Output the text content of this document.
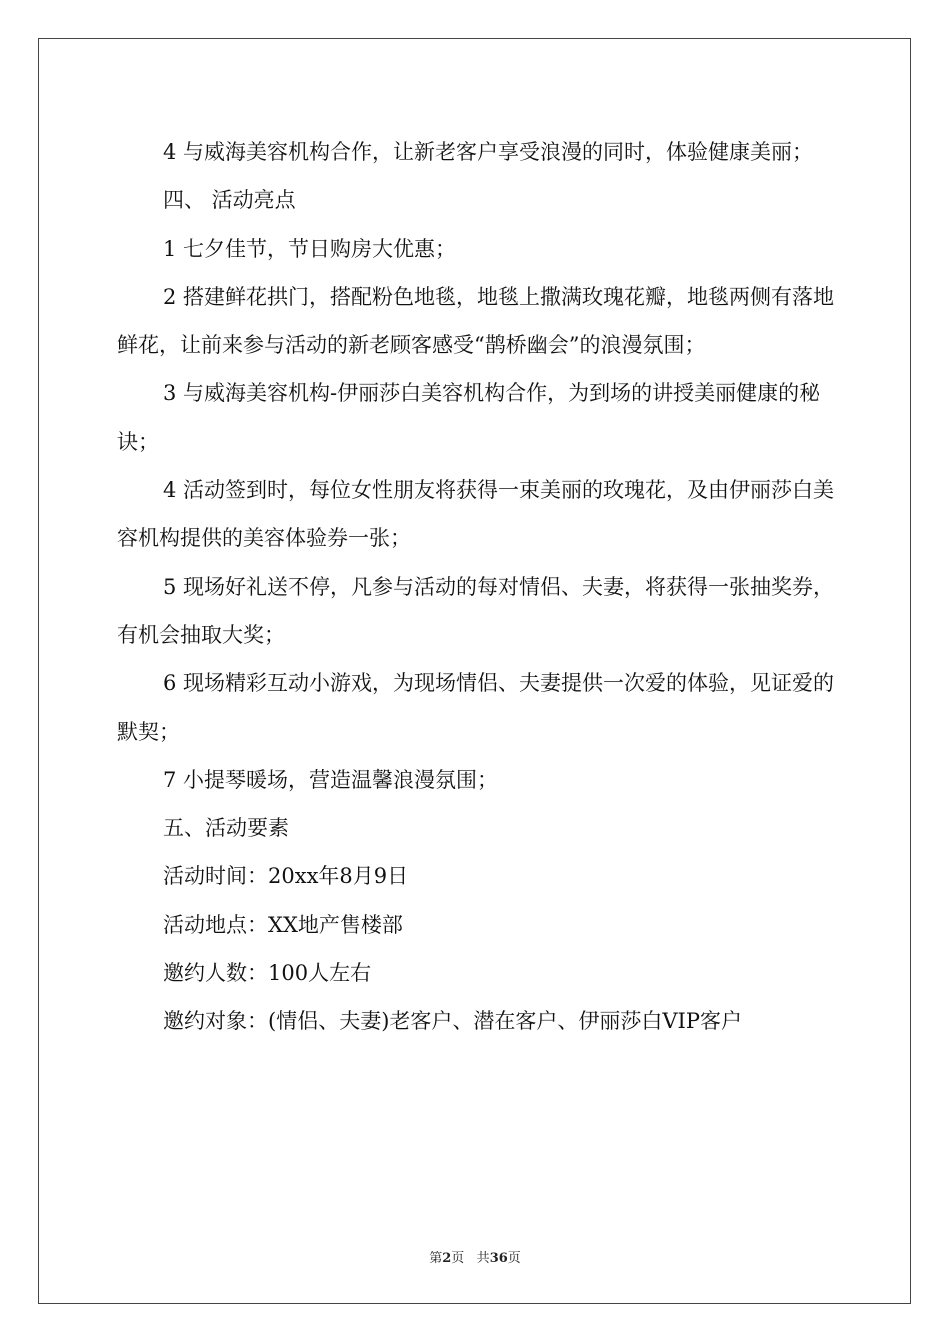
4 与威海美容机构合作，让新老客户享受浪漫的同时，体验健康美丽；

四、 活动亮点

1 七夕佳节，节日购房大优惠；

2 搭建鲜花拱门，搭配粉色地毯，地毯上撒满玫瑰花瓣，地毯两侧有落地鲜花，让前来参与活动的新老顾客感受“鹊桥幽会”的浪漫氛围；

3 与威海美容机构-伊丽莎白美容机构合作，为到场的讲授美丽健康的秘诀；

4 活动签到时，每位女性朋友将获得一束美丽的玫瑰花，及由伊丽莎白美容机构提供的美容体验券一张；

5 现场好礼送不停，凡参与活动的每对情侣、夫妻，将获得一张抽奖券，有机会抽取大奖；

6 现场精彩互动小游戏，为现场情侣、夫妻提供一次爱的体验，见证爱的默契；

7 小提琴暖场，营造温馨浪漫氛围；

五、活动要素

活动时间：20xx年8月9日

活动地点：XX地产售楼部

邀约人数：100人左右

邀约对象：(情侣、夫妻)老客户、潜在客户、伊丽莎白VIP客户

第2页 共36页
